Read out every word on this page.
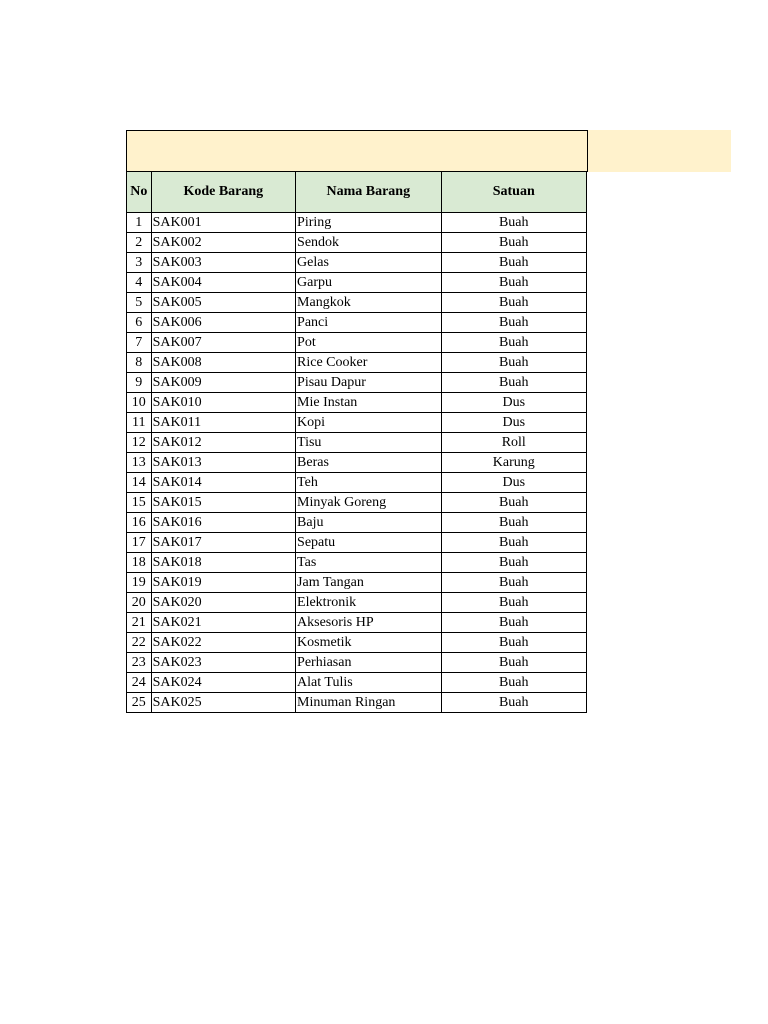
No	Kode Barang	Nama Barang	Satuan
1	SAK001	Piring	Buah
2	SAK002	Sendok	Buah
3	SAK003	Gelas	Buah
4	SAK004	Garpu	Buah
5	SAK005	Mangkok	Buah
6	SAK006	Panci	Buah
7	SAK007	Pot	Buah
8	SAK008	Rice Cooker	Buah
9	SAK009	Pisau Dapur	Buah
10	SAK010	Mie Instan	Dus
11	SAK011	Kopi	Dus
12	SAK012	Tisu	Roll
13	SAK013	Beras	Karung
14	SAK014	Teh	Dus
15	SAK015	Minyak Goreng	Buah
16	SAK016	Baju	Buah
17	SAK017	Sepatu	Buah
18	SAK018	Tas	Buah
19	SAK019	Jam Tangan	Buah
20	SAK020	Elektronik	Buah
21	SAK021	Aksesoris HP	Buah
22	SAK022	Kosmetik	Buah
23	SAK023	Perhiasan	Buah
24	SAK024	Alat Tulis	Buah
25	SAK025	Minuman Ringan	Buah
